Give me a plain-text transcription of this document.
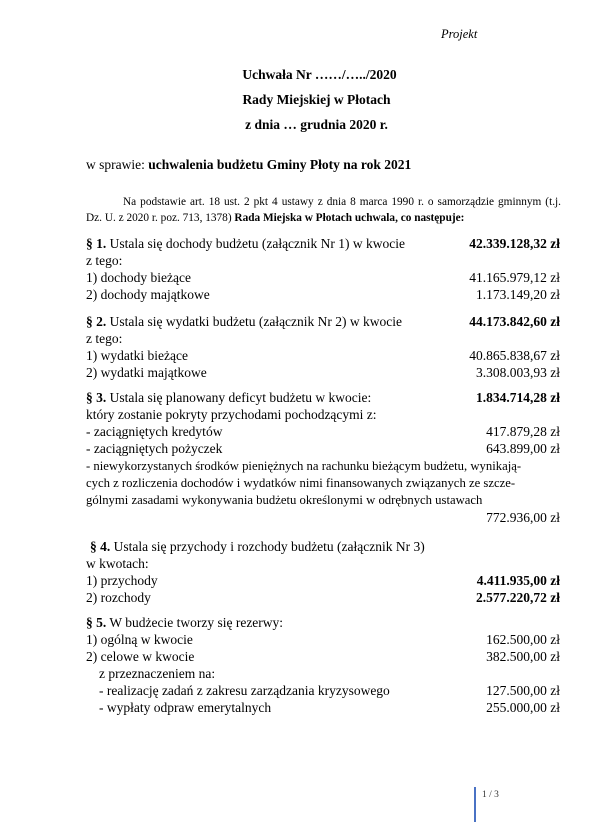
Projekt
Uchwała Nr ……/…../2020
Rady Miejskiej w Płotach
z dnia … grudnia 2020 r.
w sprawie: uchwalenia budżetu Gminy Płoty na rok 2021
Na podstawie art. 18 ust. 2 pkt 4 ustawy z dnia 8 marca 1990 r. o samorządzie gminnym (t.j.
Dz. U. z 2020 r. poz. 713, 1378) Rada Miejska w Płotach uchwala, co następuje:
§ 1. Ustala się dochody budżetu (załącznik Nr 1) w kwocie	42.339.128,32 zł
z tego:
1) dochody bieżące	41.165.979,12 zł
2) dochody majątkowe	1.173.149,20 zł
§ 2. Ustala się wydatki budżetu (załącznik Nr 2) w kwocie	44.173.842,60 zł
z tego:
1) wydatki bieżące	40.865.838,67 zł
2) wydatki majątkowe	3.308.003,93 zł
§ 3. Ustala się planowany deficyt budżetu w kwocie:	1.834.714,28 zł
który zostanie pokryty przychodami pochodzącymi z:
- zaciągniętych kredytów	417.879,28 zł
- zaciągniętych pożyczek	643.899,00 zł
- niewykorzystanych środków pieniężnych na rachunku bieżącym budżetu, wynikają-
cych z rozliczenia dochodów i wydatków nimi finansowanych związanych ze szcze-
gólnymi zasadami wykonywania budżetu określonymi w odrębnych ustawach
772.936,00 zł
§ 4. Ustala się przychody i rozchody budżetu (załącznik Nr 3)
w kwotach:
1) przychody	4.411.935,00 zł
2) rozchody	2.577.220,72 zł
§ 5. W budżecie tworzy się rezerwy:
1) ogólną w kwocie	162.500,00 zł
2) celowe w kwocie	382.500,00 zł
z przeznaczeniem na:
- realizację zadań z zakresu zarządzania kryzysowego	127.500,00 zł
- wypłaty odpraw emerytalnych	255.000,00 zł
1 / 3
